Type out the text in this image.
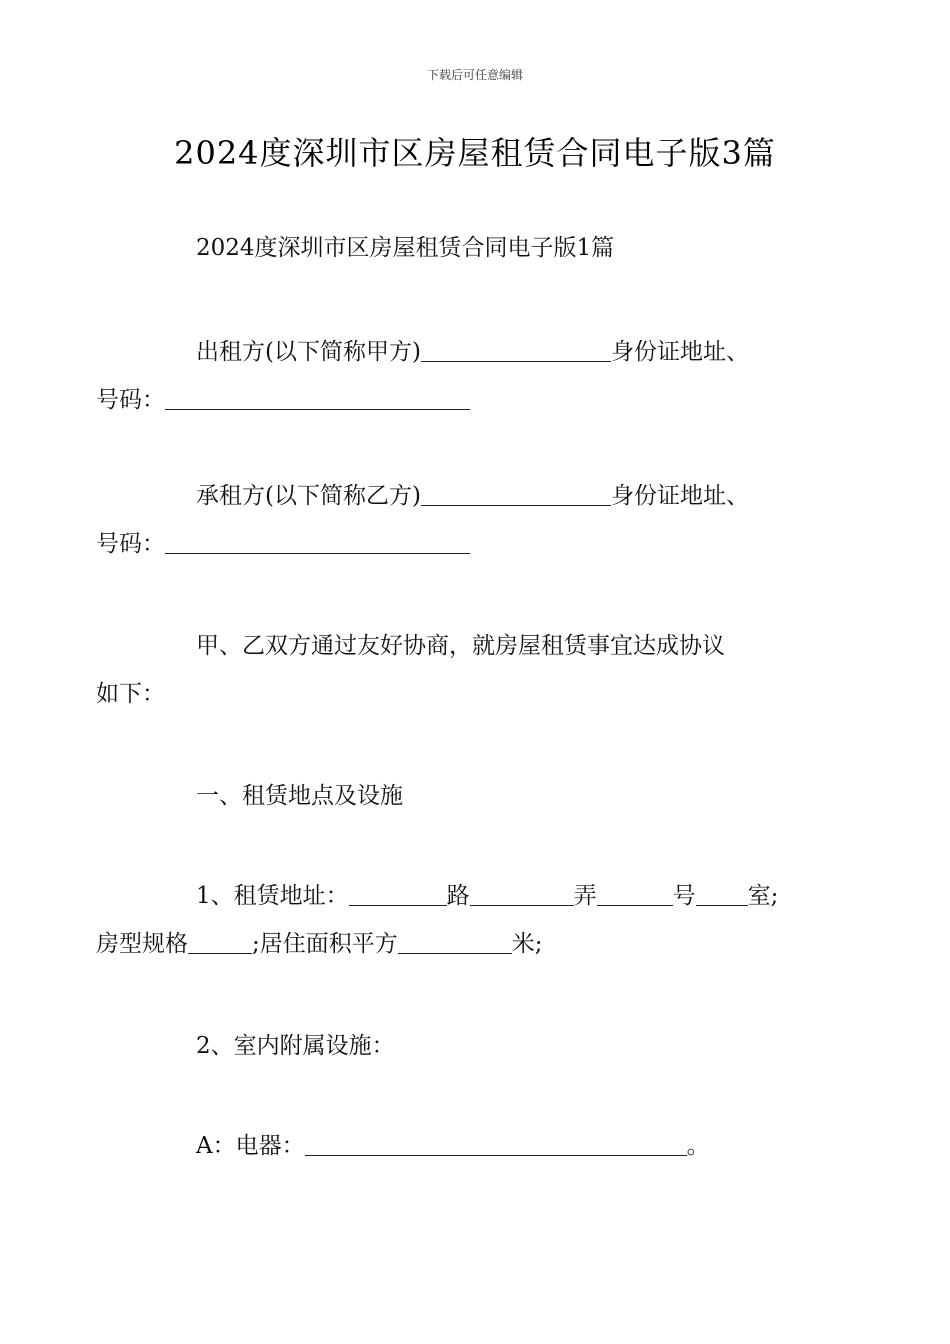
下载后可任意编辑
2024度深圳市区房屋租赁合同电子版3篇
2024度深圳市区房屋租赁合同电子版1篇
出租方(以下简称甲方)	身份证地址、
号码：
承租方(以下简称乙方)	身份证地址、
号码：
甲、乙双方通过友好协商，就房屋租赁事宜达成协议
如下：
一、租赁地点及设施
1、租赁地址：	路	弄	号 室;
房型规格	;居住面积平方	米;
2、室内附属设施：
A：电器：	。
